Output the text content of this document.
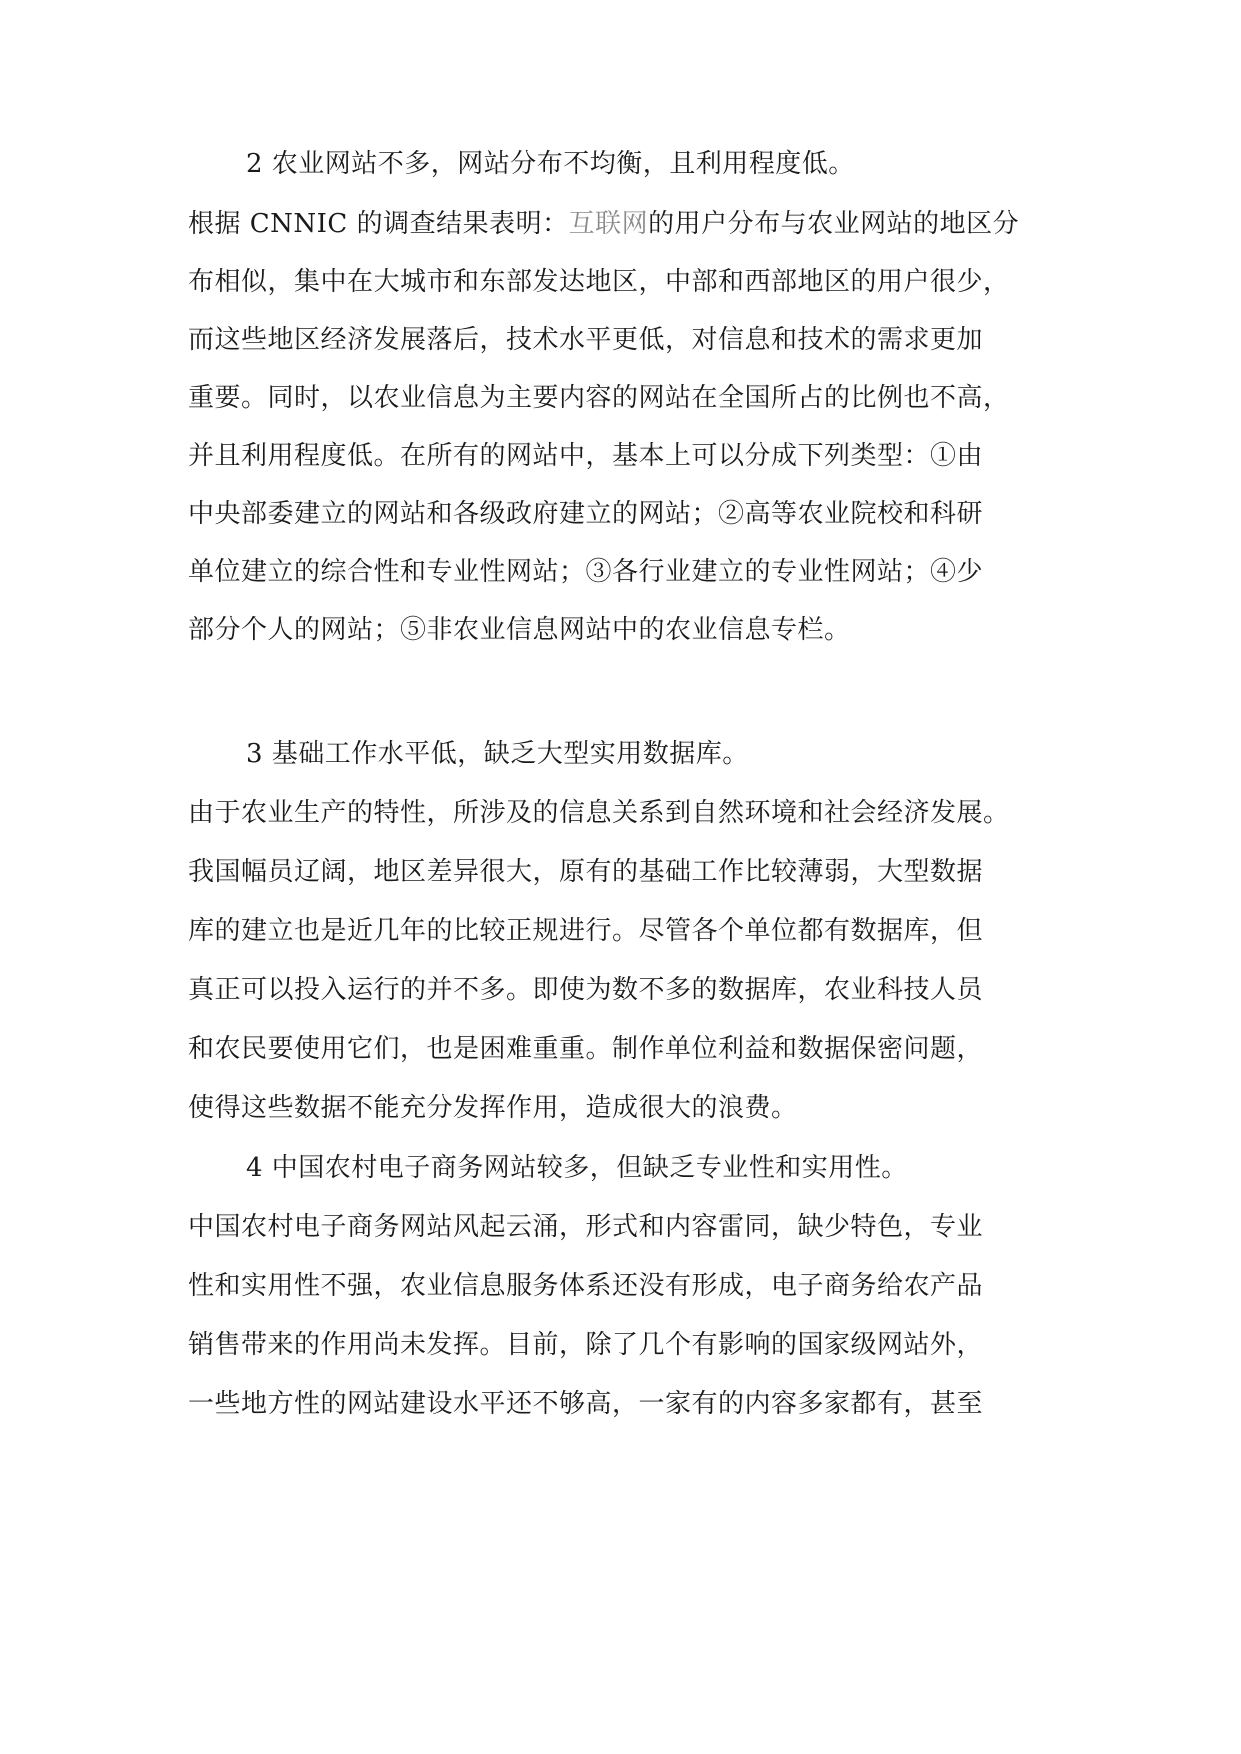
2 农业网站不多，网站分布不均衡，且利用程度低。
根据 CNNIC 的调查结果表明：互联网的用户分布与农业网站的地区分
布相似，集中在大城市和东部发达地区，中部和西部地区的用户很少，
而这些地区经济发展落后，技术水平更低，对信息和技术的需求更加
重要。同时，以农业信息为主要内容的网站在全国所占的比例也不高，
并且利用程度低。在所有的网站中，基本上可以分成下列类型：①由
中央部委建立的网站和各级政府建立的网站；②高等农业院校和科研
单位建立的综合性和专业性网站；③各行业建立的专业性网站；④少
部分个人的网站；⑤非农业信息网站中的农业信息专栏。
3 基础工作水平低，缺乏大型实用数据库。
由于农业生产的特性，所涉及的信息关系到自然环境和社会经济发展。
我国幅员辽阔，地区差异很大，原有的基础工作比较薄弱，大型数据
库的建立也是近几年的比较正规进行。尽管各个单位都有数据库，但
真正可以投入运行的并不多。即使为数不多的数据库，农业科技人员
和农民要使用它们，也是困难重重。制作单位利益和数据保密问题，
使得这些数据不能充分发挥作用，造成很大的浪费。
4 中国农村电子商务网站较多，但缺乏专业性和实用性。
中国农村电子商务网站风起云涌，形式和内容雷同，缺少特色，专业
性和实用性不强，农业信息服务体系还没有形成，电子商务给农产品
销售带来的作用尚未发挥。目前，除了几个有影响的国家级网站外，
一些地方性的网站建设水平还不够高，一家有的内容多家都有，甚至
